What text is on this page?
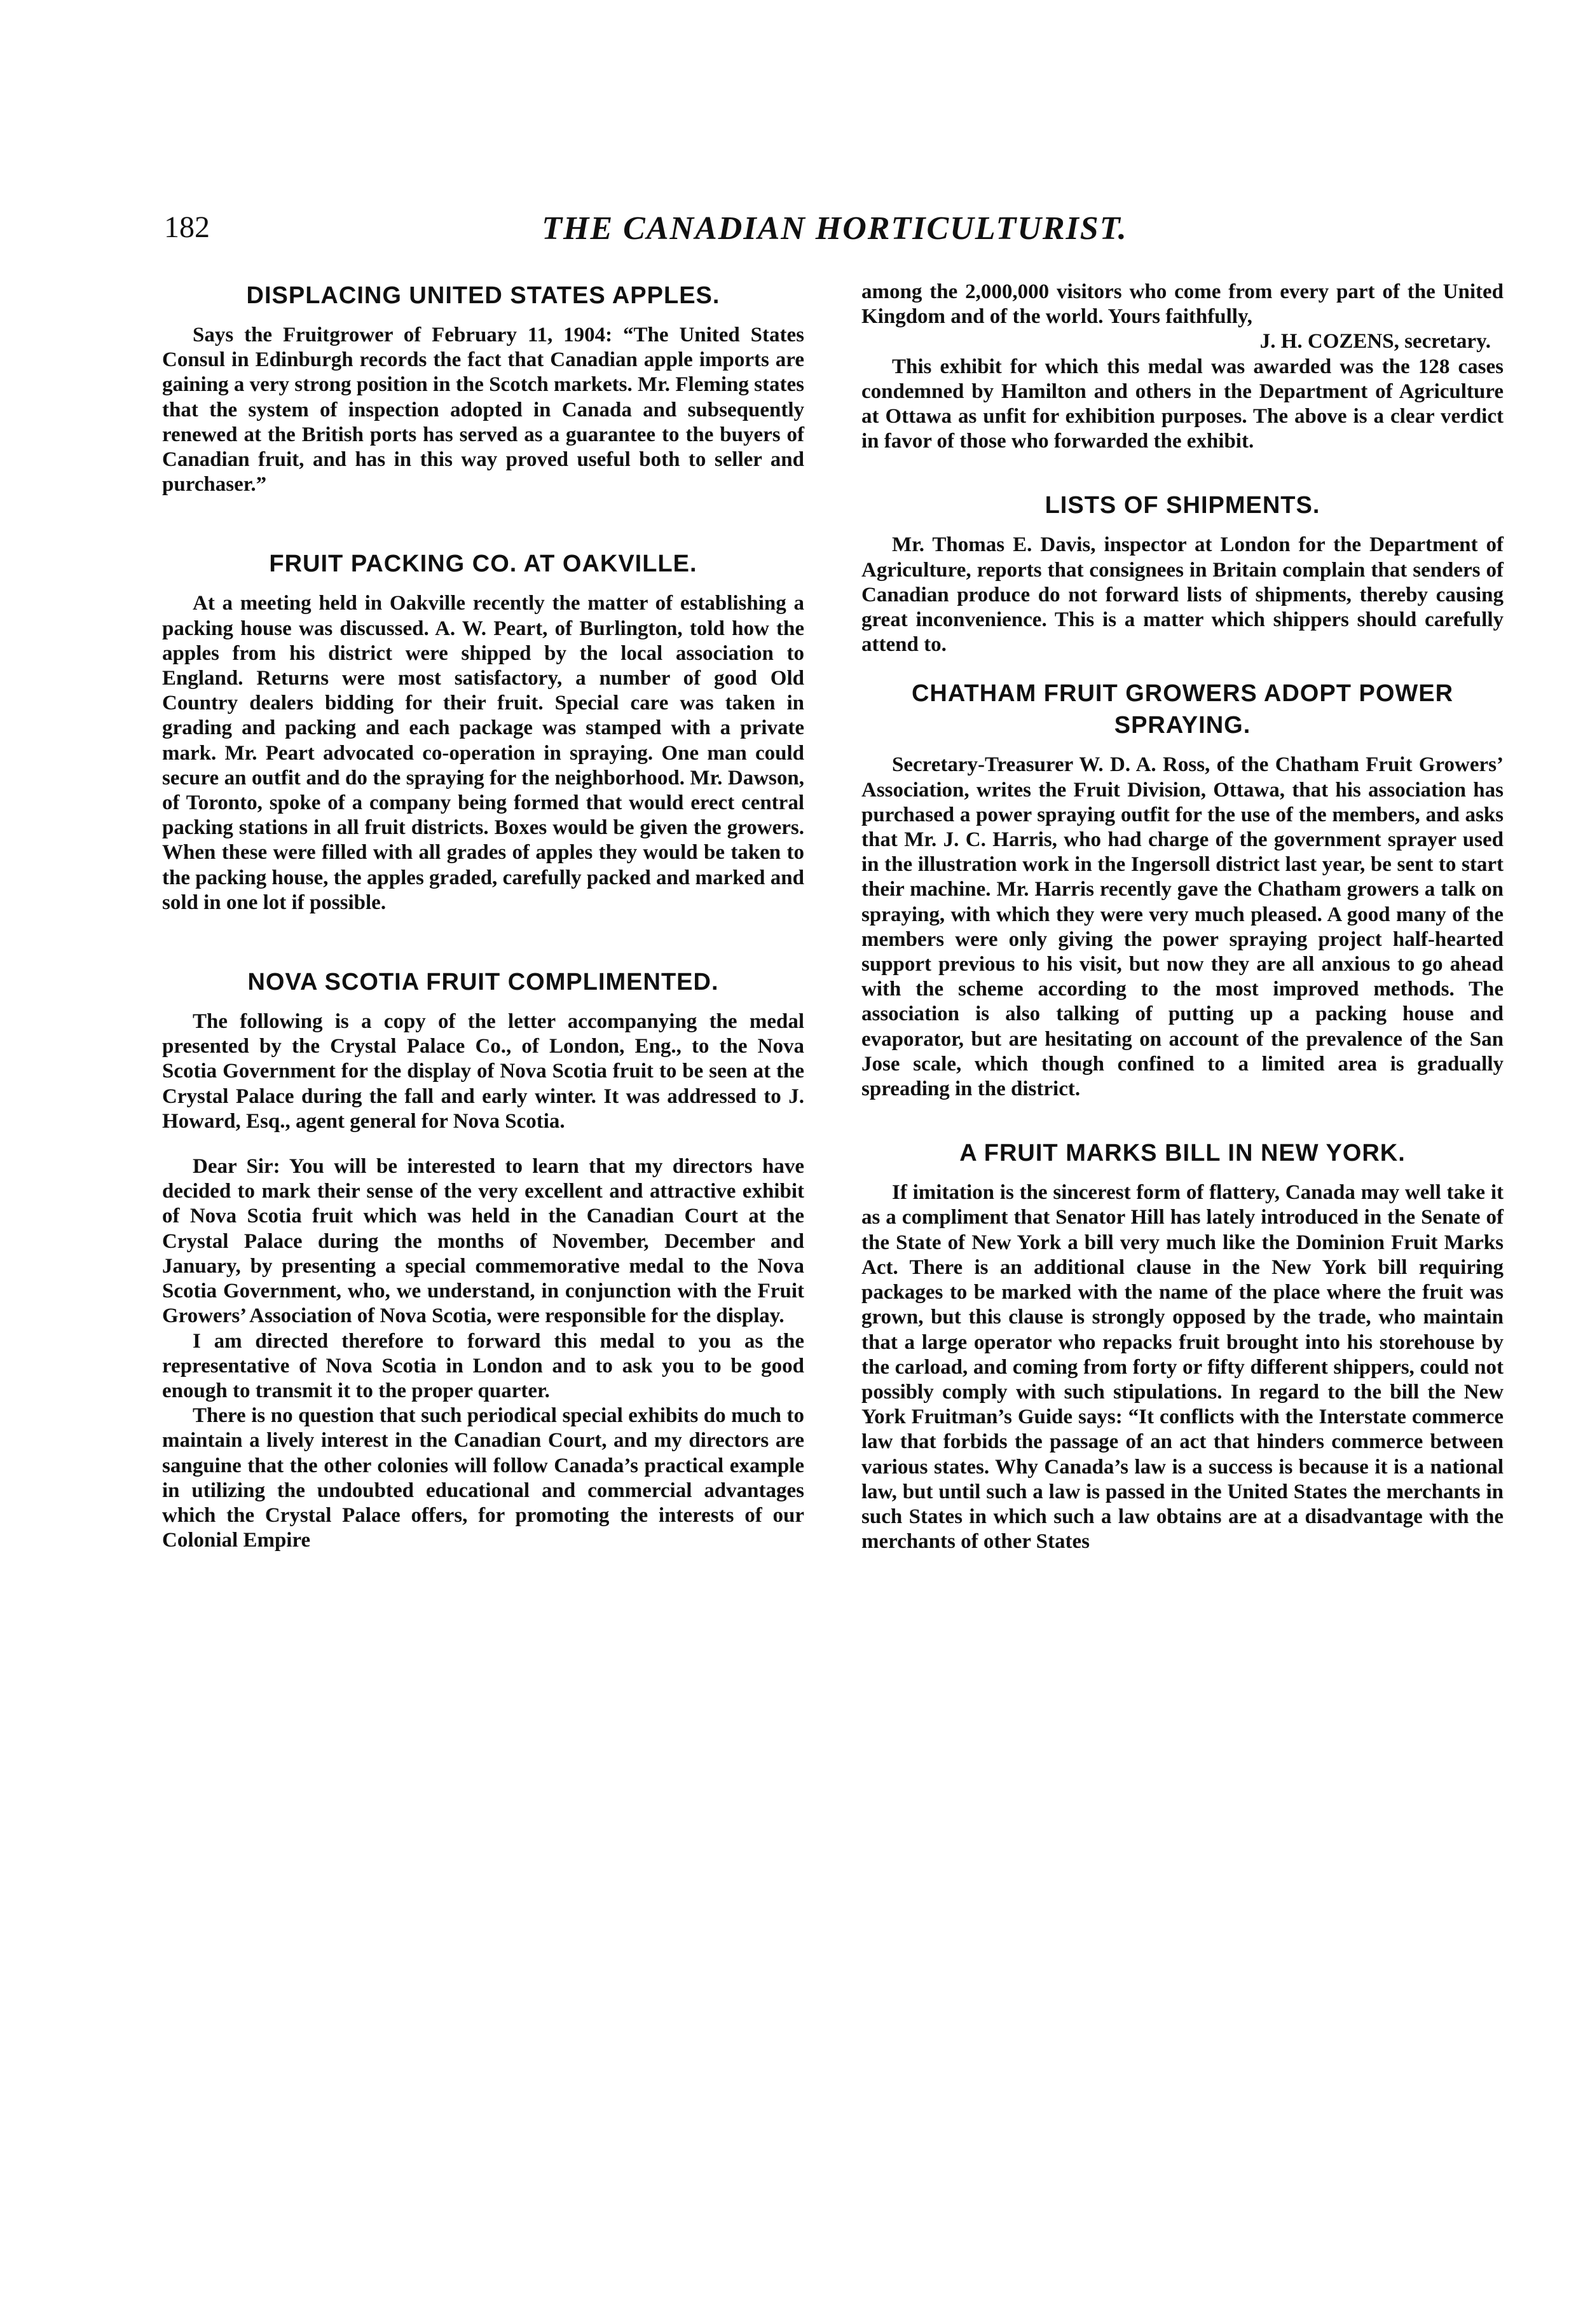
182	THE CANADIAN HORTICULTURIST.
DISPLACING UNITED STATES APPLES.

Says the Fruitgrower of February 11, 1904: “The United States Consul in Edinburgh records the fact that Canadian apple imports are gaining a very strong position in the Scotch markets. Mr. Fleming states that the system of inspection adopted in Canada and subsequently renewed at the British ports has served as a guarantee to the buyers of Canadian fruit, and has in this way proved useful both to seller and purchaser.”

FRUIT PACKING CO. AT OAKVILLE.

At a meeting held in Oakville recently the matter of establishing a packing house was discussed. A. W. Peart, of Burlington, told how the apples from his district were shipped by the local association to England. Returns were most satisfactory, a number of good Old Country dealers bidding for their fruit. Special care was taken in grading and packing and each package was stamped with a private mark. Mr. Peart advocated co-operation in spraying. One man could secure an outfit and do the spraying for the neighborhood. Mr. Dawson, of Toronto, spoke of a company being formed that would erect central packing stations in all fruit districts. Boxes would be given the growers. When these were filled with all grades of apples they would be taken to the packing house, the apples graded, carefully packed and marked and sold in one lot if possible.

NOVA SCOTIA FRUIT COMPLIMENTED.

The following is a copy of the letter accompanying the medal presented by the Crystal Palace Co., of London, Eng., to the Nova Scotia Government for the display of Nova Scotia fruit to be seen at the Crystal Palace during the fall and early winter. It was addressed to J. Howard, Esq., agent general for Nova Scotia.

Dear Sir: You will be interested to learn that my directors have decided to mark their sense of the very excellent and attractive exhibit of Nova Scotia fruit which was held in the Canadian Court at the Crystal Palace during the months of November, December and January, by presenting a special commemorative medal to the Nova Scotia Government, who, we understand, in conjunction with the Fruit Growers’ Association of Nova Scotia, were responsible for the display.

I am directed therefore to forward this medal to you as the representative of Nova Scotia in London and to ask you to be good enough to transmit it to the proper quarter.

There is no question that such periodical special exhibits do much to maintain a lively interest in the Canadian Court, and my directors are sanguine that the other colonies will follow Canada’s practical example in utilizing the undoubted educational and commercial advantages which the Crystal Palace offers, for promoting the interests of our Colonial Empire

among the 2,000,000 visitors who come from every part of the United Kingdom and of the world. Yours faithfully,

J. H. COZENS, secretary.

This exhibit for which this medal was awarded was the 128 cases condemned by Hamilton and others in the Department of Agriculture at Ottawa as unfit for exhibition purposes. The above is a clear verdict in favor of those who forwarded the exhibit.

LISTS OF SHIPMENTS.

Mr. Thomas E. Davis, inspector at London for the Department of Agriculture, reports that consignees in Britain complain that senders of Canadian produce do not forward lists of shipments, thereby causing great inconvenience. This is a matter which shippers should carefully attend to.

CHATHAM FRUIT GROWERS ADOPT POWER SPRAYING.

Secretary-Treasurer W. D. A. Ross, of the Chatham Fruit Growers’ Association, writes the Fruit Division, Ottawa, that his association has purchased a power spraying outfit for the use of the members, and asks that Mr. J. C. Harris, who had charge of the government sprayer used in the illustration work in the Ingersoll district last year, be sent to start their machine. Mr. Harris recently gave the Chatham growers a talk on spraying, with which they were very much pleased. A good many of the members were only giving the power spraying project half-hearted support previous to his visit, but now they are all anxious to go ahead with the scheme according to the most improved methods. The association is also talking of putting up a packing house and evaporator, but are hesitating on account of the prevalence of the San Jose scale, which though confined to a limited area is gradually spreading in the district.

A FRUIT MARKS BILL IN NEW YORK.

If imitation is the sincerest form of flattery, Canada may well take it as a compliment that Senator Hill has lately introduced in the Senate of the State of New York a bill very much like the Dominion Fruit Marks Act. There is an additional clause in the New York bill requiring packages to be marked with the name of the place where the fruit was grown, but this clause is strongly opposed by the trade, who maintain that a large operator who repacks fruit brought into his storehouse by the carload, and coming from forty or fifty different shippers, could not possibly comply with such stipulations. In regard to the bill the New York Fruitman’s Guide says: “It conflicts with the Interstate commerce law that forbids the passage of an act that hinders commerce between various states. Why Canada’s law is a success is because it is a national law, but until such a law is passed in the United States the merchants in such States in which such a law obtains are at a disadvantage with the merchants of other States
